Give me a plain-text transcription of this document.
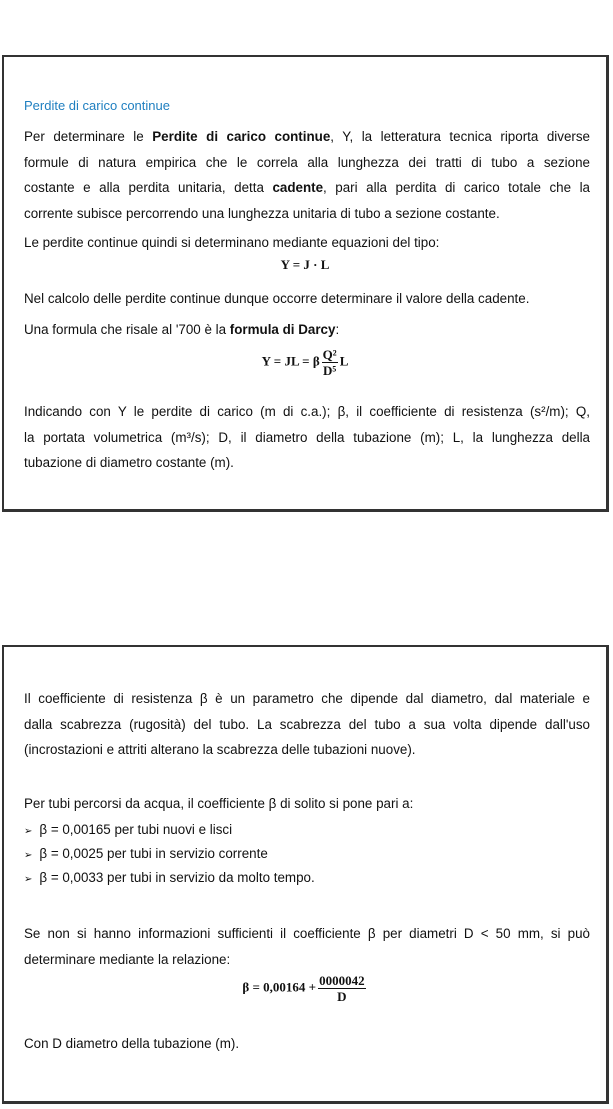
Perdite di carico continue
Per determinare le Perdite di carico continue, Y, la letteratura tecnica riporta diverse
formule di natura empirica che le correla alla lunghezza dei tratti di tubo a sezione
costante e alla perdita unitaria, detta cadente, pari alla perdita di carico totale che la
corrente subisce percorrendo una lunghezza unitaria di tubo a sezione costante.
Le perdite continue quindi si determinano mediante equazioni del tipo:
Y = J · L
Nel calcolo delle perdite continue dunque occorre determinare il valore della cadente.
Una formula che risale al '700 è la formula di Darcy:
Y = JL = β $\frac{\text{Q²}}{\text{D⁵}}$ L
Indicando con Y le perdite di carico (m di c.a.); β, il coefficiente di resistenza (s²/m); Q,
la portata volumetrica (m³/s); D, il diametro della tubazione (m); L, la lunghezza della
tubazione di diametro costante (m).
Il coefficiente di resistenza β è un parametro che dipende dal diametro, dal materiale e
dalla scabrezza (rugosità) del tubo. La scabrezza del tubo a sua volta dipende dall'uso
(incrostazioni e attriti alterano la scabrezza delle tubazioni nuove).
Per tubi percorsi da acqua, il coefficiente β di solito si pone pari a:
➢ β = 0,00165 per tubi nuovi e lisci
➢ β = 0,0025 per tubi in servizio corrente
➢ β = 0,0033 per tubi in servizio da molto tempo.
Se non si hanno informazioni sufficienti il coefficiente β per diametri D < 50 mm, si può
determinare mediante la relazione:
$\beta = 0,00164 + \frac{0000042}{D}$
Con D diametro della tubazione (m).
